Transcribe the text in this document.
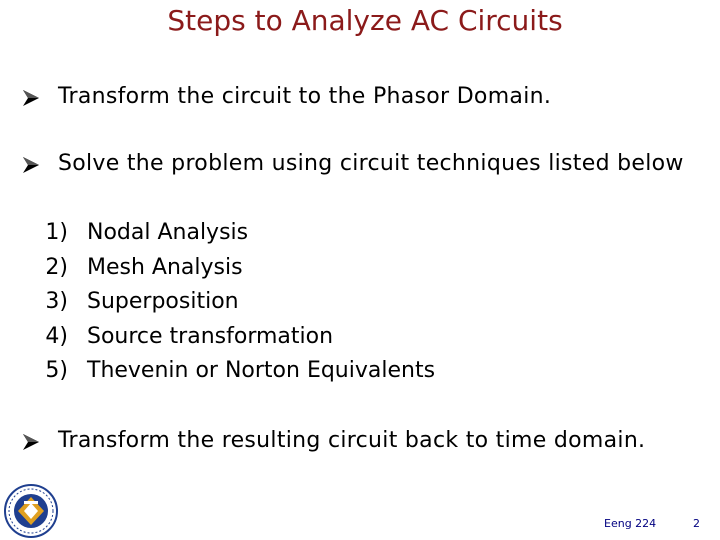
Steps to Analyze AC Circuits
Transform the circuit to the Phasor Domain.
Solve the problem using circuit techniques listed below
1) Nodal Analysis
2) Mesh Analysis
3) Superposition
4) Source transformation
5) Thevenin or Norton Equivalents
Transform the resulting circuit back to time domain.
Eeng 224	2
